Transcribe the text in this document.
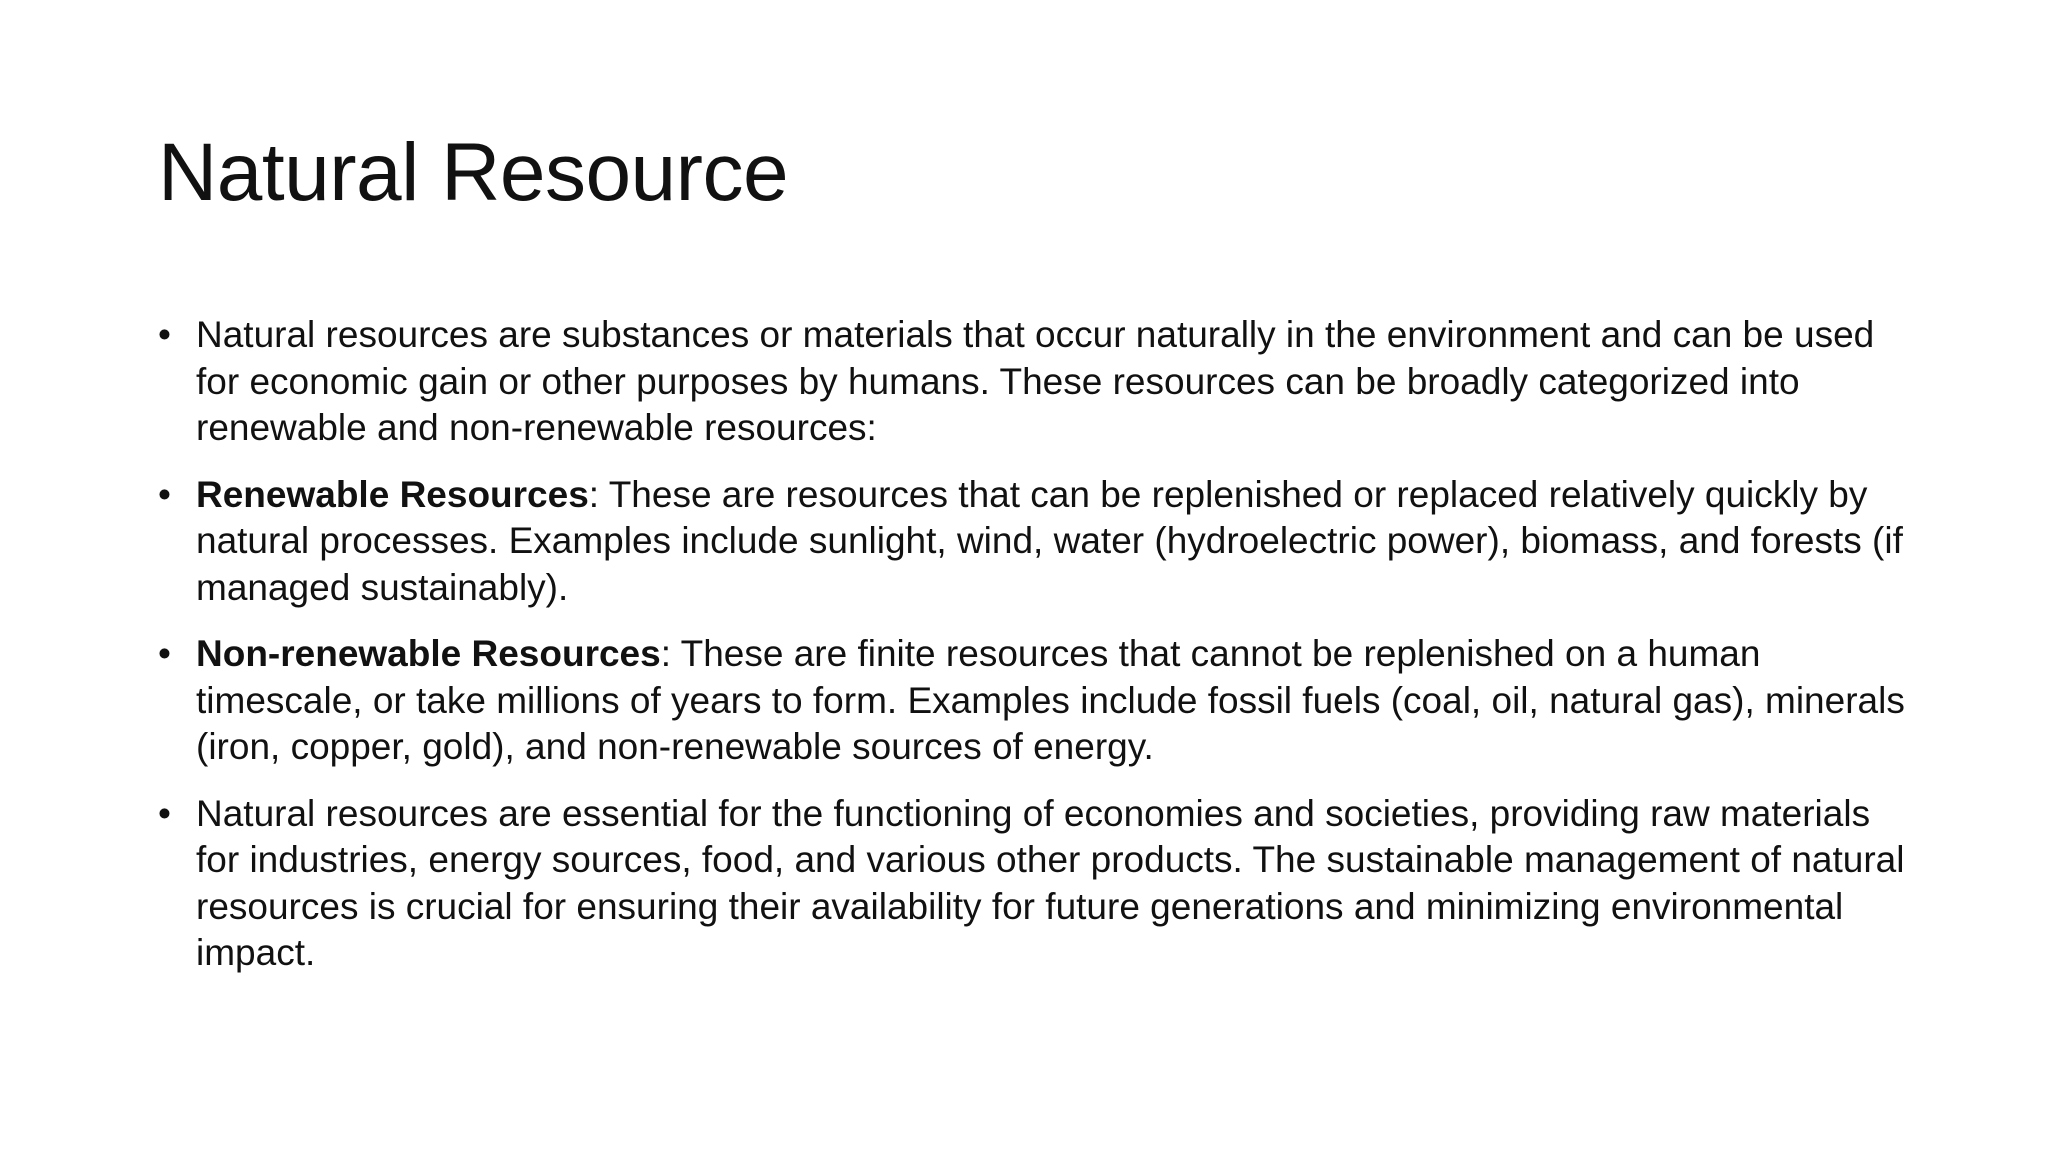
Natural Resource
• Natural resources are substances or materials that occur naturally in the environment and can be used for economic gain or other purposes by humans. These resources can be broadly categorized into renewable and non-renewable resources:
• Renewable Resources: These are resources that can be replenished or replaced relatively quickly by natural processes. Examples include sunlight, wind, water (hydroelectric power), biomass, and forests (if managed sustainably).
• Non-renewable Resources: These are finite resources that cannot be replenished on a human timescale, or take millions of years to form. Examples include fossil fuels (coal, oil, natural gas), minerals (iron, copper, gold), and non-renewable sources of energy.
• Natural resources are essential for the functioning of economies and societies, providing raw materials for industries, energy sources, food, and various other products. The sustainable management of natural resources is crucial for ensuring their availability for future generations and minimizing environmental impact.
